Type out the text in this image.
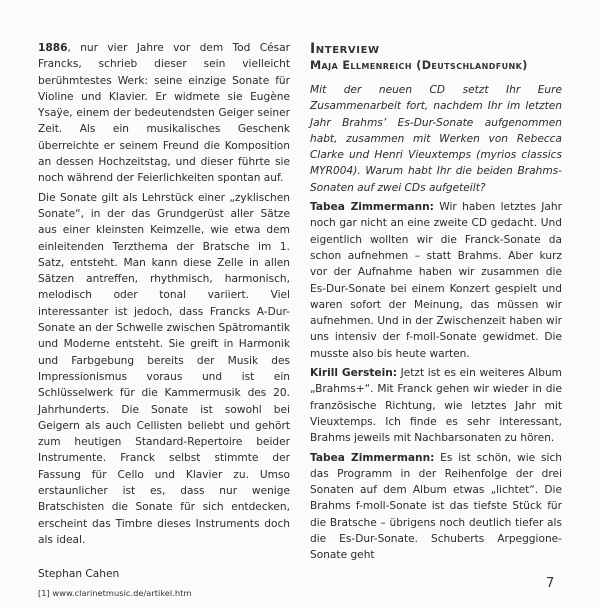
1886, nur vier Jahre vor dem Tod César Francks, schrieb dieser sein vielleicht berühmtestes Werk: seine einzige Sonate für Violine und Klavier. Er widmete sie Eugène Ysaÿe, einem der bedeutendsten Geiger seiner Zeit. Als ein musikalisches Geschenk überreichte er seinem Freund die Komposition an dessen Hochzeitstag, und dieser führte sie noch während der Feierlichkeiten spontan auf.

Die Sonate gilt als Lehrstück einer „zyklischen Sonate“, in der das Grundgerüst aller Sätze aus einer kleinsten Keimzelle, wie etwa dem einleitenden Terzthema der Bratsche im 1. Satz, entsteht. Man kann diese Zelle in allen Sätzen antreffen, rhythmisch, harmonisch, melodisch oder tonal variiert. Viel interessanter ist jedoch, dass Francks A-Dur-Sonate an der Schwelle zwischen Spätromantik und Moderne entsteht. Sie greift in Harmonik und Farbgebung bereits der Musik des Impressionismus voraus und ist ein Schlüsselwerk für die Kammermusik des 20. Jahrhunderts. Die Sonate ist sowohl bei Geigern als auch Cellisten beliebt und gehört zum heutigen Standard-Repertoire beider Instrumente. Franck selbst stimmte der Fassung für Cello und Klavier zu. Umso erstaunlicher ist es, dass nur wenige Bratschisten die Sonate für sich entdecken, erscheint das Timbre dieses Instruments doch als ideal.

Stephan Cahen
[1] www.clarinetmusic.de/artikel.htm
Interview
Maja Ellmenreich (Deutschlandfunk)

Mit der neuen CD setzt Ihr Eure Zusammenarbeit fort, nachdem Ihr im letzten Jahr Brahms’ Es-Dur-Sonate aufgenommen habt, zusammen mit Werken von Rebecca Clarke und Henri Vieuxtemps (myrios classics MYR004). Warum habt Ihr die beiden Brahms-Sonaten auf zwei CDs aufgeteilt?

Tabea Zimmermann: Wir haben letztes Jahr noch gar nicht an eine zweite CD gedacht. Und eigentlich wollten wir die Franck-Sonate da schon aufnehmen – statt Brahms. Aber kurz vor der Aufnahme haben wir zusammen die Es-Dur-Sonate bei einem Konzert gespielt und waren sofort der Meinung, das müssen wir aufnehmen. Und in der Zwischenzeit haben wir uns intensiv der f-moll-Sonate gewidmet. Die musste also bis heute warten.

Kirill Gerstein: Jetzt ist es ein weiteres Album „Brahms+“. Mit Franck gehen wir wieder in die französische Richtung, wie letztes Jahr mit Vieuxtemps. Ich finde es sehr interessant, Brahms jeweils mit Nachbarsonaten zu hören.

Tabea Zimmermann: Es ist schön, wie sich das Programm in der Reihenfolge der drei Sonaten auf dem Album etwas „lichtet“. Die Brahms f-moll-Sonate ist das tiefste Stück für die Bratsche – übrigens noch deutlich tiefer als die Es-Dur-Sonate. Schuberts Arpeggione-Sonate geht

7
